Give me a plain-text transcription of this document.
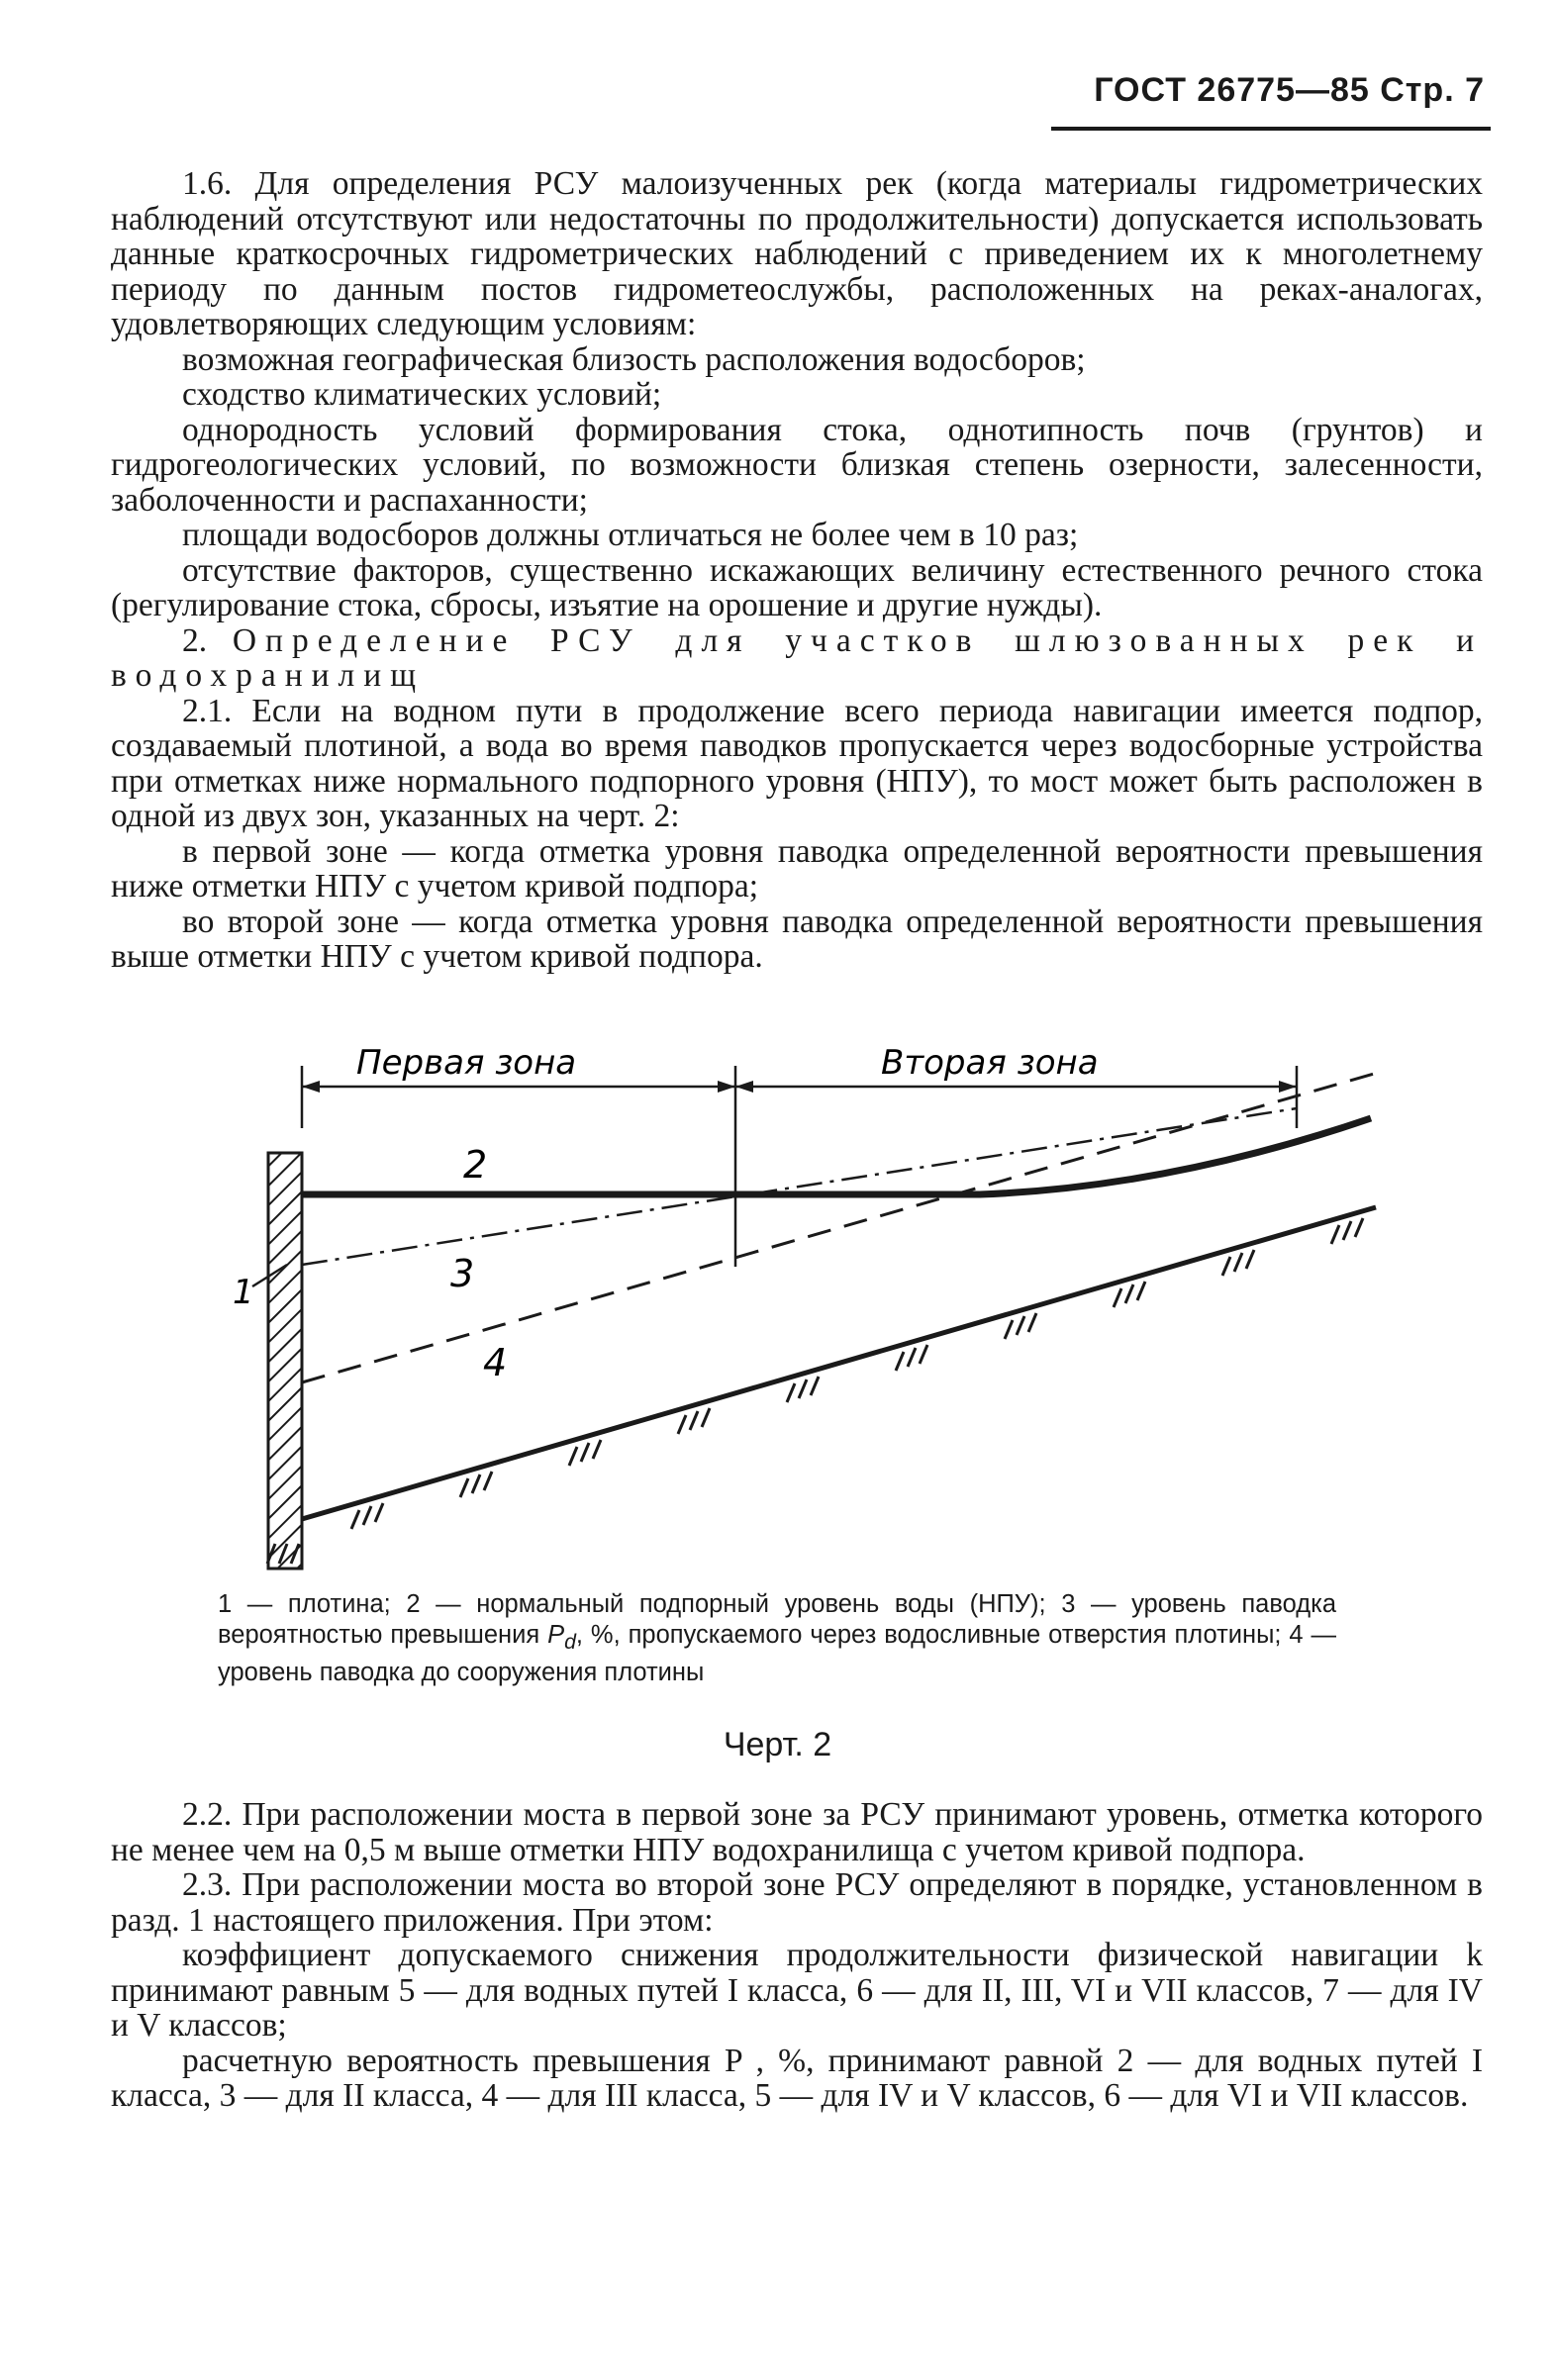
ГОСТ 26775—85 Стр. 7

1.6. Для определения РСУ малоизученных рек (когда материалы гидрометрических наблюдений отсутствуют или недостаточны по продолжительности) допускается использовать данные краткосрочных гидрометрических наблюдений с приведением их к многолетнему периоду по данным постов гидрометеослужбы, расположенных на реках-аналогах, удовлетворяющих следующим условиям:

возможная географическая близость расположения водосборов;

сходство климатических условий;

однородность условий формирования стока, однотипность почв (грунтов) и гидрогеологических условий, по возможности близкая степень озерности, залесенности, заболоченности и распаханности;

площади водосборов должны отличаться не более чем в 10 раз;

отсутствие факторов, существенно искажающих величину естественного речного стока (регулирование стока, сбросы, изъятие на орошение и другие нужды).

2. Определение РСУ для участков шлюзованных рек и водохранилищ

2.1. Если на водном пути в продолжение всего периода навигации имеется подпор, создаваемый плотиной, а вода во время паводков пропускается через водосборные устройства при отметках ниже нормального подпорного уровня (НПУ), то мост может быть расположен в одной из двух зон, указанных на черт. 2:

в первой зоне — когда отметка уровня паводка определенной вероятности превышения ниже отметки НПУ с учетом кривой подпора;

во второй зоне — когда отметка уровня паводка определенной вероятности превышения выше отметки НПУ с учетом кривой подпора.

Первая зона	Вторая зона
1
2
3
4
1 — плотина; 2 — нормальный подпорный уровень воды (НПУ); 3 — уровень паводка вероятностью превышения $P_d$, %, пропускаемого через водосливные отверстия плотины; 4 — уровень паводка до сооружения плотины
Черт. 2

2.2. При расположении моста в первой зоне за РСУ принимают уровень, отметка которого не менее чем на 0,5 м выше отметки НПУ водохранилища с учетом кривой подпора.

2.3. При расположении моста во второй зоне РСУ определяют в порядке, установленном в разд. 1 настоящего приложения. При этом:

коэффициент допускаемого снижения продолжительности физической навигации k принимают равным 5 — для водных путей I класса, 6 — для II, III, VI и VII классов, 7 — для IV и V классов;

расчетную вероятность превышения P , %, принимают равной 2 — для водных путей I класса, 3 — для II класса, 4 — для III класса, 5 — для IV и V классов, 6 — для VI и VII классов.
